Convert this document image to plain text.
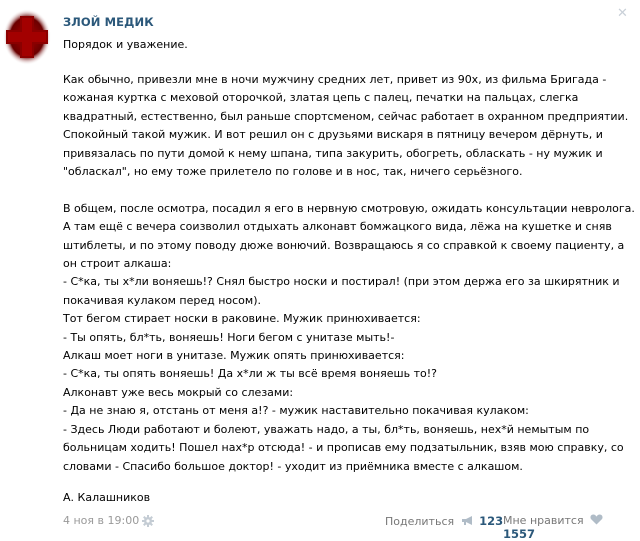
✕
ЗЛОЙ МЕДИК
Порядок и уважение.

Как обычно, привезли мне в ночи мужчину средних лет, привет из 90х, из фильма Бригада - кожаная куртка с меховой оторочкой, златая цепь с палец, печатки на пальцах, слегка квадратный, естественно, был раньше спортсменом, сейчас работает в охранном предприятии. Спокойный такой мужик. И вот решил он с друзьями вискаря в пятницу вечером дёрнуть, и привязалась по пути домой к нему шпана, типа закурить, обогреть, обласкать - ну мужик и "обласкал", но ему тоже прилетело по голове и в нос, так, ничего серьёзного.

В общем, после осмотра, посадил я его в нервную смотровую, ожидать консультации невролога. А там ещё с вечера соизволил отдыхать алконавт бомжацкого вида, лёжа на кушетке и сняв штиблеты, и по этому поводу дюже вонючий. Возвращаюсь я со справкой к своему пациенту, а он строит алкаша:

- С*ка, ты х*ли воняешь!? Снял быстро носки и постирал! (при этом держа его за шкирятник и покачивая кулаком перед носом).

Тот бегом стирает носки в раковине. Мужик принюхивается:

- Ты опять, бл*ть, воняешь! Ноги бегом с унитазе мыть!-

Алкаш моет ноги в унитазе. Мужик опять принюхивается:

- С*ка, ты опять воняешь! Да х*ли ж ты всё время воняешь то!?

Алконавт уже весь мокрый со слезами:

- Да не знаю я, отстань от меня а!? - мужик наставительно покачивая кулаком:

- Здесь Люди работают и болеют, уважать надо, а ты, бл*ть, воняешь, нех*й немытым по больницам ходить! Пошел нах*р отсюда! - и прописав ему подзатыльник, взяв мою справку, со словами - Спасибо большое доктор! - уходит из приёмника вместе с алкашом.

А. Калашников
4 ноя в 19:00	Поделиться 123 Мне нравится  1557
